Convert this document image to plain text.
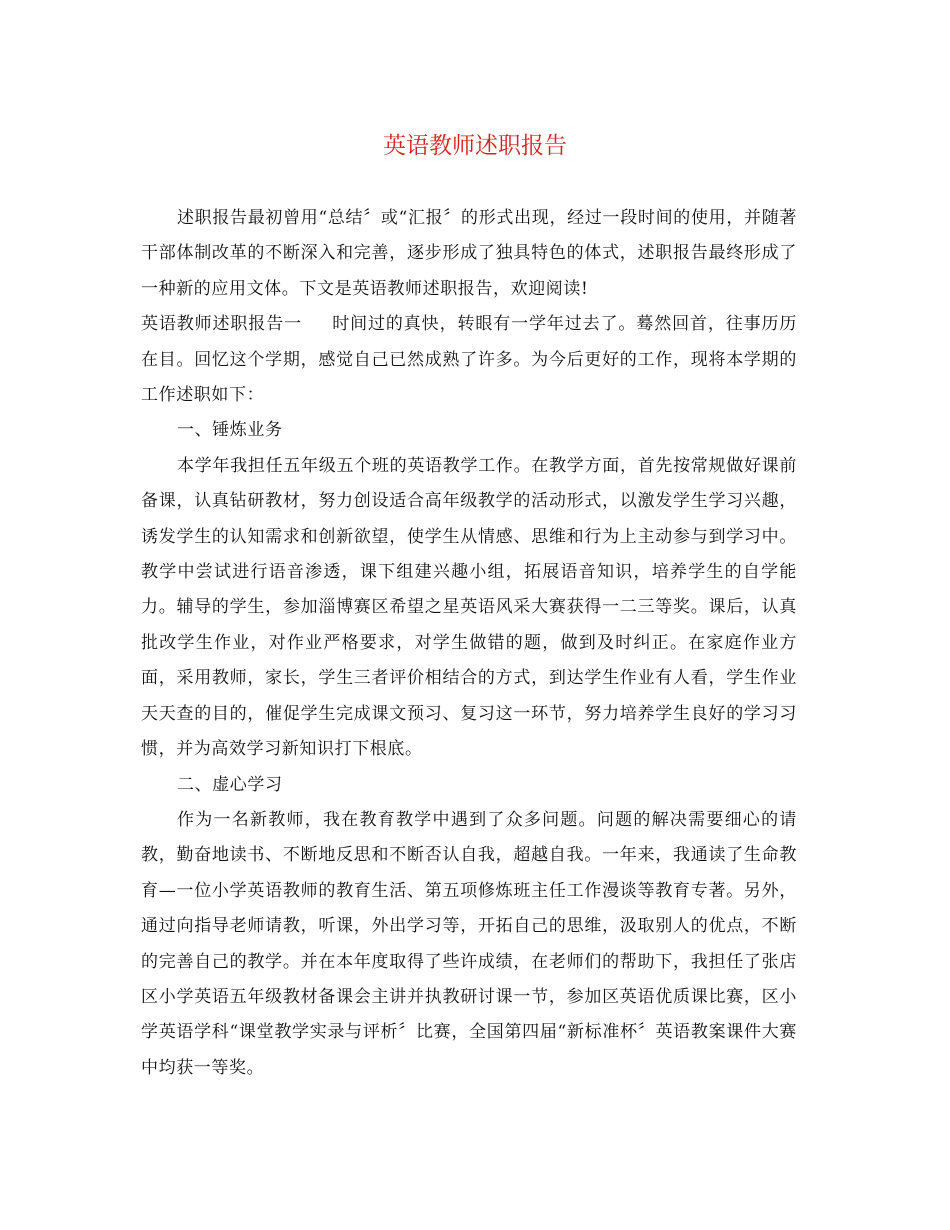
英语教师述职报告

述职报告最初曾用“总结〞或“汇报〞的形式出现，经过一段时间的使用，并随著干部体制改革的不断深入和完善，逐步形成了独具特色的体式，述职报告最终形成了一种新的应用文体。下文是英语教师述职报告，欢迎阅读!

英语教师述职报告一 时间过的真快，转眼有一学年过去了。蓦然回首，往事历历在目。回忆这个学期，感觉自己已然成熟了许多。为今后更好的工作，现将本学期的工作述职如下：

一、锤炼业务

本学年我担任五年级五个班的英语教学工作。在教学方面，首先按常规做好课前备课，认真钻研教材，努力创设适合高年级教学的活动形式，以激发学生学习兴趣，诱发学生的认知需求和创新欲望，使学生从情感、思维和行为上主动参与到学习中。教学中尝试进行语音渗透，课下组建兴趣小组，拓展语音知识，培养学生的自学能力。辅导的学生，参加淄博赛区希望之星英语风采大赛获得一二三等奖。课后，认真批改学生作业，对作业严格要求，对学生做错的题，做到及时纠正。在家庭作业方面，采用教师，家长，学生三者评价相结合的方式，到达学生作业有人看，学生作业天天查的目的，催促学生完成课文预习、复习这一环节，努力培养学生良好的学习习惯，并为高效学习新知识打下根底。

二、虚心学习

作为一名新教师，我在教育教学中遇到了众多问题。问题的解决需要细心的请教，勤奋地读书、不断地反思和不断否认自我，超越自我。一年来，我通读了生命教育—一位小学英语教师的教育生活、第五项修炼班主任工作漫谈等教育专著。另外，通过向指导老师请教，听课，外出学习等，开拓自己的思维，汲取别人的优点，不断的完善自己的教学。并在本年度取得了些许成绩，在老师们的帮助下，我担任了张店区小学英语五年级教材备课会主讲并执教研讨课一节，参加区英语优质课比赛，区小学英语学科“课堂教学实录与评析〞比赛，全国第四届“新标准杯〞英语教案课件大赛中均获一等奖。
